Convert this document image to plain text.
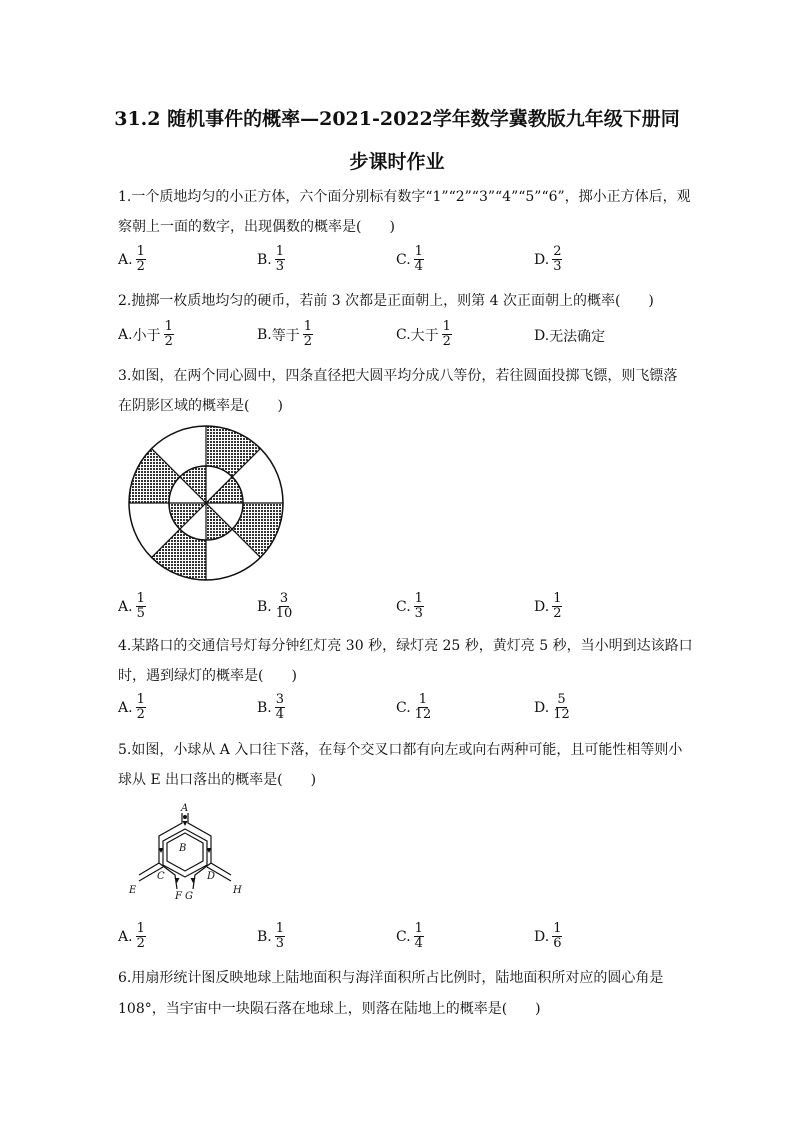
31.2 随机事件的概率—2021-2022学年数学冀教版九年级下册同
步课时作业
1.一个质地均匀的小正方体，六个面分别标有数字“1”“2”“3”“4”“5”“6”，掷小正方体后，观
察朝上一面的数字，出现偶数的概率是(　　)
A. $\frac{1}{2}$	B. $\frac{1}{3}$	C. $\frac{1}{4}$	D. $\frac{2}{3}$
2.抛掷一枚质地均匀的硬币，若前 3 次都是正面朝上，则第 4 次正面朝上的概率(　　)
A. 小于 $\frac{1}{2}$	B. 等于 $\frac{1}{2}$	C. 大于 $\frac{1}{2}$	D. 无法确定
3.如图，在两个同心圆中，四条直径把大圆平均分成八等份，若往圆面投掷飞镖，则飞镖落
在阴影区域的概率是(　　)
A. $\frac{1}{5}$	B. $\frac{3}{10}$	C. $\frac{1}{3}$	D. $\frac{1}{2}$
4.某路口的交通信号灯每分钟红灯亮 30 秒，绿灯亮 25 秒，黄灯亮 5 秒，当小明到达该路口
时，遇到绿灯的概率是(　　)
A. $\frac{1}{2}$	B. $\frac{3}{4}$	C. $\frac{1}{12}$	D. $\frac{5}{12}$
5.如图，小球从 A 入口往下落，在每个交叉口都有向左或向右两种可能，且可能性相等则小
球从 E 出口落出的概率是(　　)
A
B
C	D
E
F G
H
A. $\frac{1}{2}$	B. $\frac{1}{3}$	C. $\frac{1}{4}$	D. $\frac{1}{6}$
6.用扇形统计图反映地球上陆地面积与海洋面积所占比例时，陆地面积所对应的圆心角是
108°，当宇宙中一块陨石落在地球上，则落在陆地上的概率是(　　)
